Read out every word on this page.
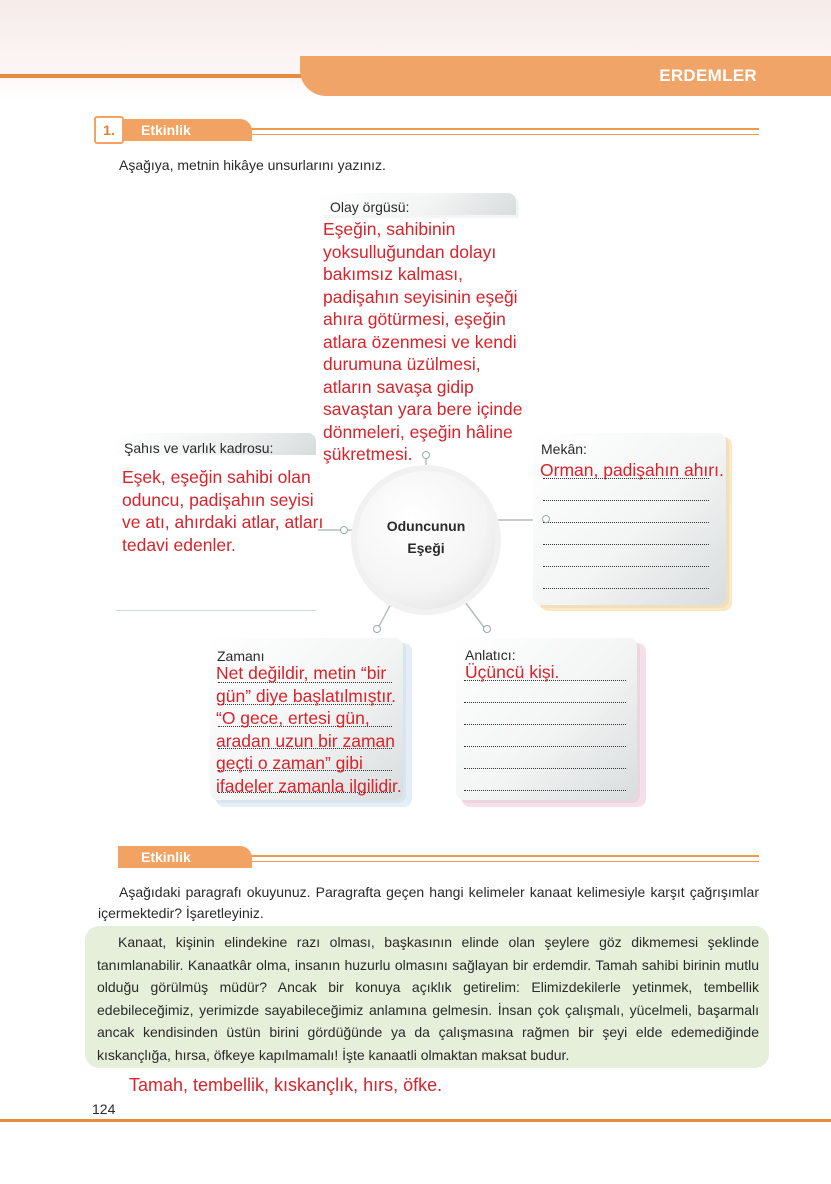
ERDEMLER
1.	Etkinlik
Aşağıya, metnin hikâye unsurlarını yazınız.
Olay örgüsü:
Eşeğin, sahibinin
yoksulluğundan dolayı
bakımsız kalması,
padişahın seyisinin eşeği
ahıra götürmesi, eşeğin
atlara özenmesi ve kendi
durumuna üzülmesi,
atların savaşa gidip
savaştan yara bere içinde
dönmeleri, eşeğin hâline
şükretmesi.
Şahıs ve varlık kadrosu:
Eşek, eşeğin sahibi olan
oduncu, padişahın seyisi
ve atı, ahırdaki atlar, atları
tedavi edenler.
Mekân:
Orman, padişahın ahırı.
Zamanı
Net değildir, metin “bir
gün” diye başlatılmıştır.
“O gece, ertesi gün,
aradan uzun bir zaman
geçti o zaman” gibi
ifadeler zamanla ilgilidir.
Anlatıcı:
Üçüncü kişi.
Oduncunun
Eşeği
Etkinlik
Aşağıdaki paragrafı okuyunuz. Paragrafta geçen hangi kelimeler kanaat kelimesiyle karşıt çağrışımlar içermektedir? İşaretleyiniz.
Kanaat, kişinin elindekine razı olması, başkasının elinde olan şeylere göz dikmemesi şeklinde tanımlanabilir. Kanaatkâr olma, insanın huzurlu olmasını sağlayan bir erdemdir. Tamah sahibi birinin mutlu olduğu görülmüş müdür? Ancak bir konuya açıklık getirelim: Elimizdekilerle yetinmek, tembellik edebileceğimiz, yerimizde sayabileceğimiz anlamına gelmesin. İnsan çok çalışmalı, yücelmeli, başarmalı ancak kendisinden üstün birini gördüğünde ya da çalışmasına rağmen bir şeyi elde edemediğinde kıskançlığa, hırsa, öfkeye kapılmamalı! İşte kanaatli olmaktan maksat budur.
Tamah, tembellik, kıskançlık, hırs, öfke.
124
